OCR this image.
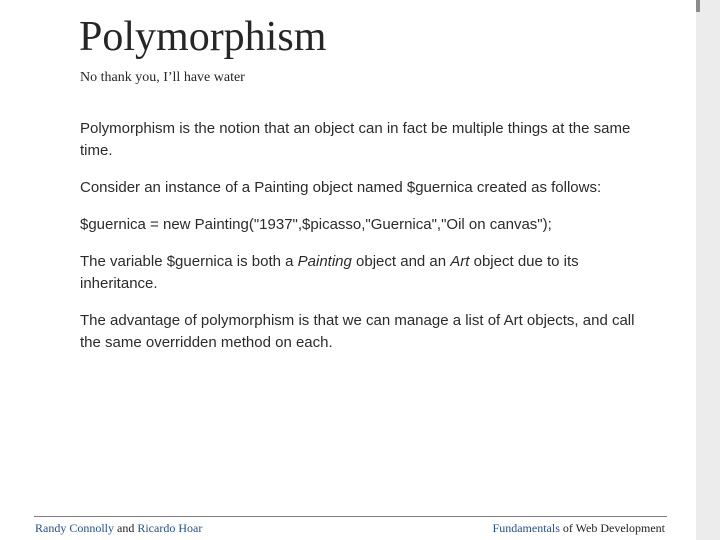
Polymorphism
No thank you, I’ll have water

Polymorphism is the notion that an object can in fact be multiple things at the same time.

Consider an instance of a Painting object named $guernica created as follows:

$guernica = new Painting("1937",$picasso,"Guernica","Oil on canvas");

The variable $guernica is both a Painting object and an Art object due to its inheritance.

The advantage of polymorphism is that we can manage a list of Art objects, and call the same overridden method on each.

Randy Connolly and Ricardo Hoar	Fundamentals of Web Development
